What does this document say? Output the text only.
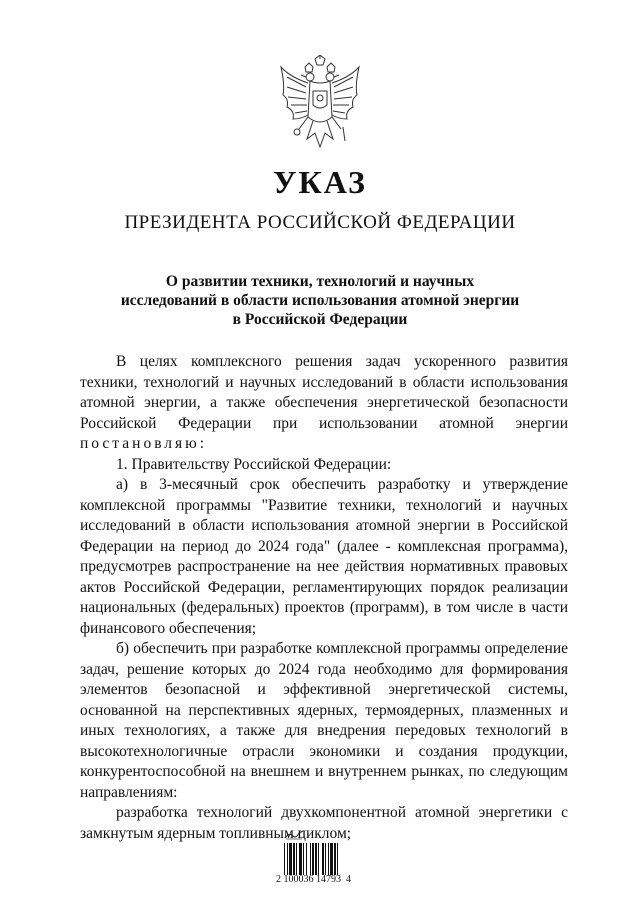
УКАЗ
ПРЕЗИДЕНТА РОССИЙСКОЙ ФЕДЕРАЦИИ
О развитии техники, технологий и научных
исследований в области использования атомной энергии
в Российской Федерации

В целях комплексного решения задач ускоренного развития техники, технологий и научных исследований в области использования атомной энергии, а также обеспечения энергетической безопасности Российской Федерации при использовании атомной энергии постановляю:

1. Правительству Российской Федерации:

а) в 3-месячный срок обеспечить разработку и утверждение комплексной программы "Развитие техники, технологий и научных исследований в области использования атомной энергии в Российской Федерации на период до 2024 года" (далее - комплексная программа), предусмотрев распространение на нее действия нормативных правовых актов Российской Федерации, регламентирующих порядок реализации национальных (федеральных) проектов (программ), в том числе в части финансового обеспечения;

б) обеспечить при разработке комплексной программы определение задач, решение которых до 2024 года необходимо для формирования элементов безопасной и эффективной энергетической системы, основанной на перспективных ядерных, термоядерных, плазменных и иных технологиях, а также для внедрения передовых технологий в высокотехнологичные отрасли экономики и создания продукции, конкурентоспособной на внешнем и внутреннем рынках, по следующим направлениям:

разработка технологий двухкомпонентной атомной энергетики с замкнутым ядерным топливным циклом;

2 100036 14793  4
